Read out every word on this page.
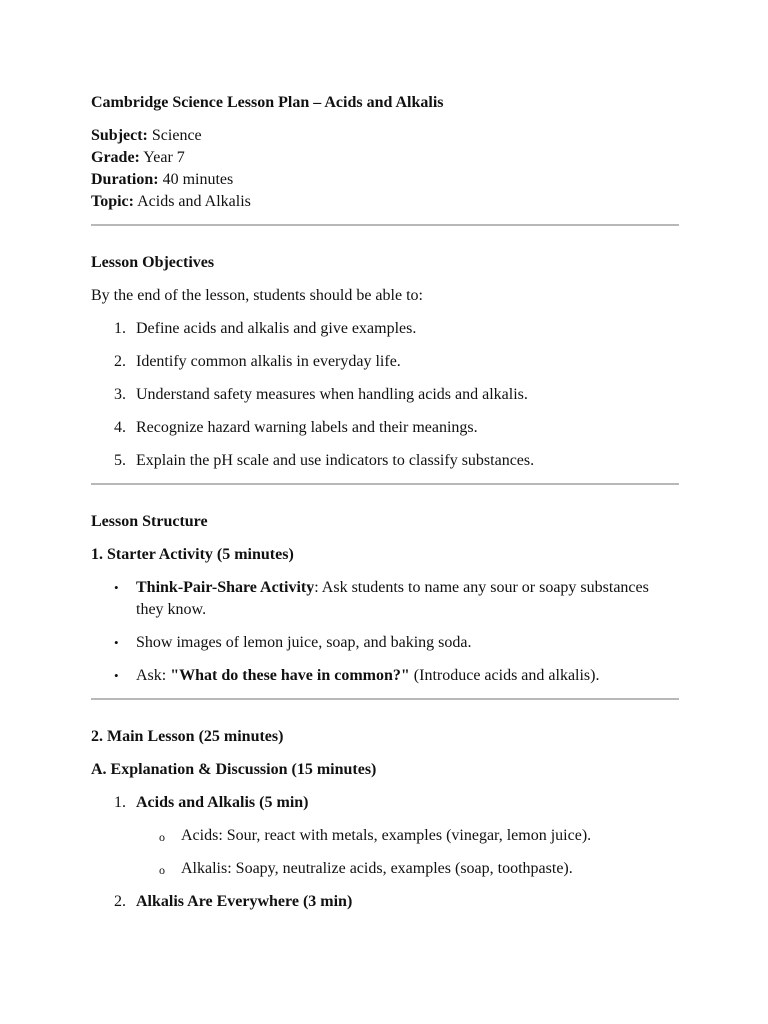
Cambridge Science Lesson Plan – Acids and Alkalis

Subject: Science

Grade: Year 7

Duration: 40 minutes

Topic: Acids and Alkalis

Lesson Objectives

By the end of the lesson, students should be able to:

1. Define acids and alkalis and give examples.
2. Identify common alkalis in everyday life.
3. Understand safety measures when handling acids and alkalis.
4. Recognize hazard warning labels and their meanings.
5. Explain the pH scale and use indicators to classify substances.

Lesson Structure

1. Starter Activity (5 minutes)

• Think-Pair-Share Activity: Ask students to name any sour or soapy substances they know.
• Show images of lemon juice, soap, and baking soda.
• Ask: "What do these have in common?" (Introduce acids and alkalis).

2. Main Lesson (25 minutes)

A. Explanation & Discussion (15 minutes)

1. Acids and Alkalis (5 min)
o Acids: Sour, react with metals, examples (vinegar, lemon juice).
o Alkalis: Soapy, neutralize acids, examples (soap, toothpaste).
2. Alkalis Are Everywhere (3 min)
